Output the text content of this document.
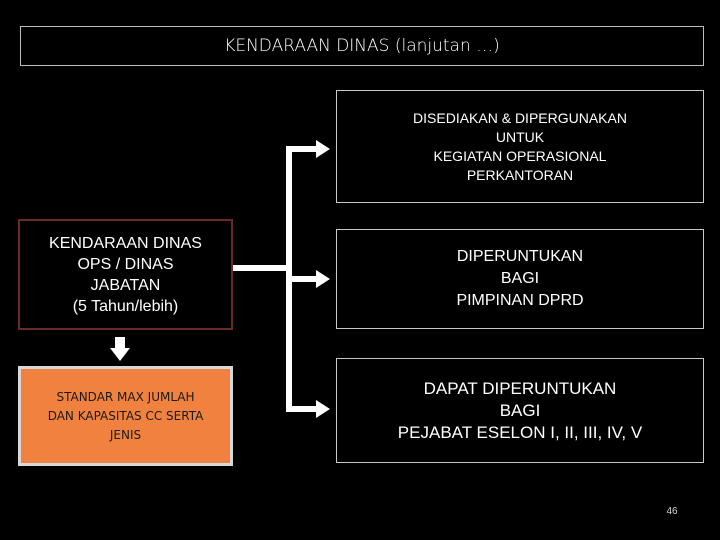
KENDARAAN DINAS (lanjutan …)
DISEDIAKAN & DIPERGUNAKAN
UNTUK
KEGIATAN OPERASIONAL
PERKANTORAN
DIPERUNTUKAN
BAGI
PIMPINAN DPRD
DAPAT DIPERUNTUKAN
BAGI
PEJABAT ESELON I, II, III, IV, V
KENDARAAN DINAS
OPS / DINAS
JABATAN
(5 Tahun/lebih)
STANDAR MAX JUMLAH
DAN KAPASITAS CC SERTA
JENIS
46
